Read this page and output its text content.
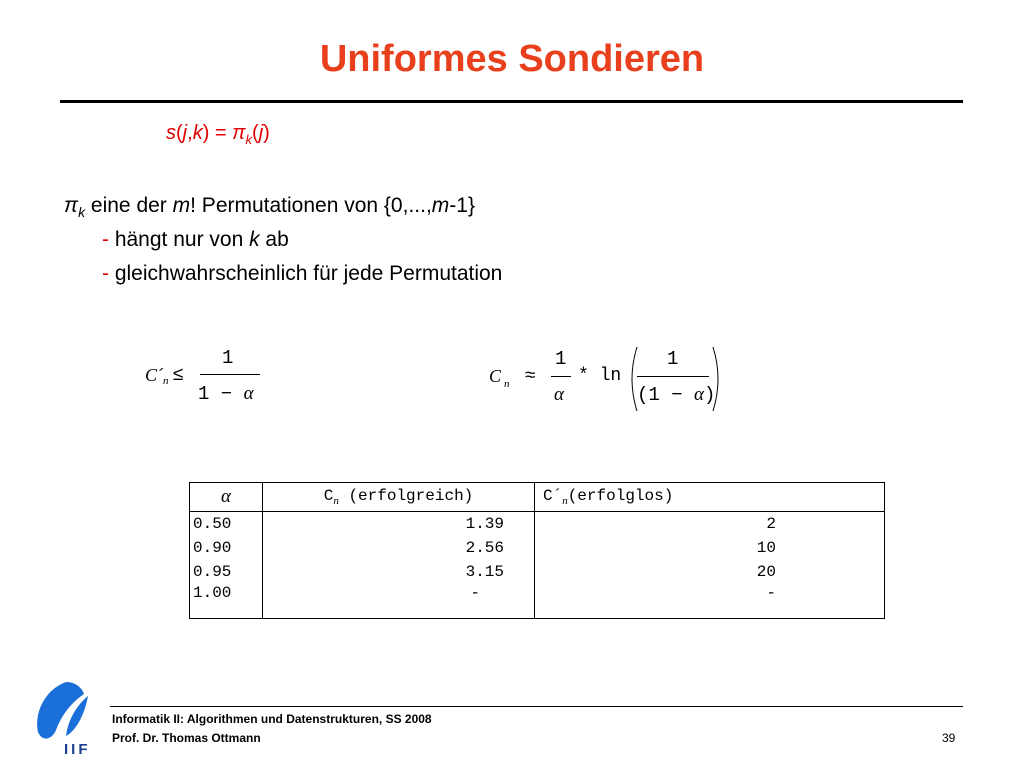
Uniformes Sondieren
$s(j,k) = \pi_k(j)$
$\pi_k$ eine der m! Permutationen von {0,...,m-1}
- hängt nur von k ab
- gleichwahrscheinlich für jede Permutation
C´ n ≤
1
1 − α
C n ≈
1
α
* ln
1
(1 − α)
α	$C_n$ (erfolgreich)	$C´_n(erfolglos)$
0.50	1.39	2
0.90	2.56	10
0.95	3.15	20
1.00	-	-
IIF
Informatik II: Algorithmen und Datenstrukturen, SS 2008
Prof. Dr. Thomas Ottmann	39
